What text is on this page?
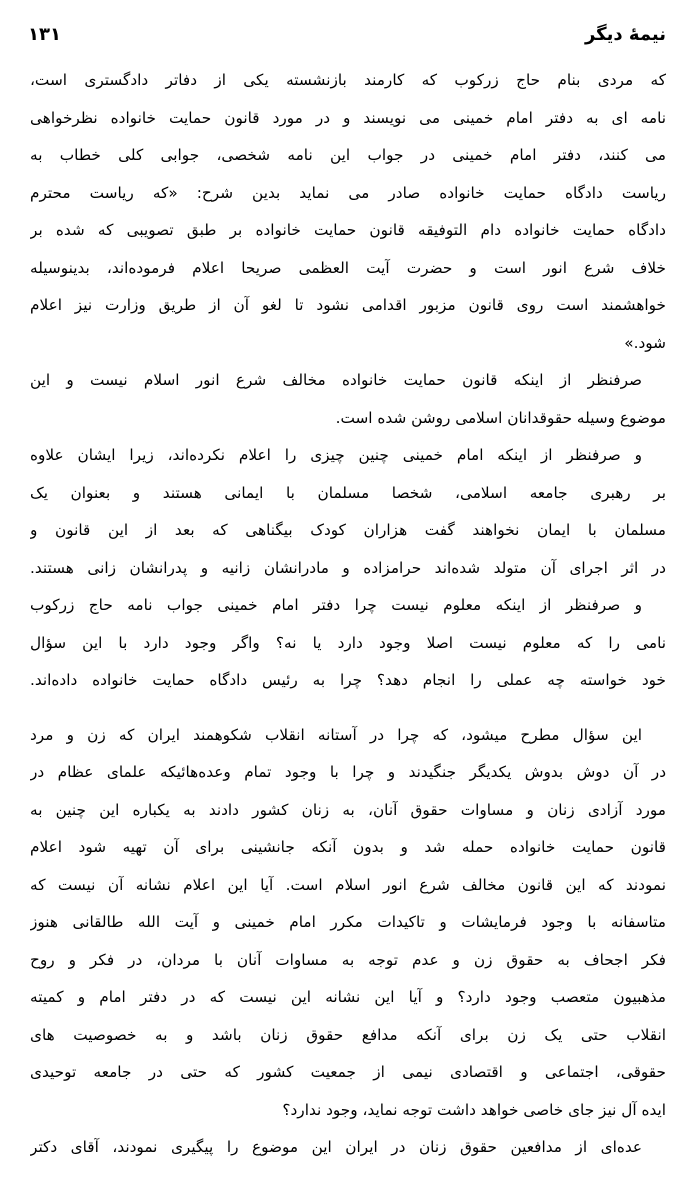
نیمهٔ دیگر
۱۳۱
که مردی بنام حاج زرکوب که کارمند بازنشسته یکی از دفاتر دادگستری است،
نامه ای به دفتر امام خمینی می نویسند و در مورد قانون حمایت خانواده نظرخواهی
می کنند، دفتر امام خمینی در جواب این نامه شخصی، جوابی کلی خطاب به
ریاست دادگاه حمایت خانواده صادر می نماید بدین شرح: «که ریاست محترم
دادگاه حمایت خانواده دام التوفیقه قانون حمایت خانواده بر طبق تصویبی که شده بر
خلاف شرع انور است و حضرت آیت العظمی صریحا اعلام فرموده‌اند، بدینوسیله
خواهشمند است روی قانون مزبور اقدامی نشود تا لغو آن از طریق وزارت نیز اعلام
شود.»
صرفنظر از اینکه قانون حمایت خانواده مخالف شرع انور اسلام نیست و این
موضوع وسیله حقوقدانان اسلامی روشن شده است.
و صرفنظر از اینکه امام خمینی چنین چیزی را اعلام نکرده‌اند، زیرا ایشان علاوه
بر رهبری جامعه اسلامی، شخصا مسلمان با ایمانی هستند و بعنوان یک
مسلمان با ایمان نخواهند گفت هزاران کودک بیگناهی که بعد از این قانون و
در اثر اجرای آن متولد شده‌اند حرامزاده و مادرانشان زانیه و پدرانشان زانی هستند.
و صرفنظر از اینکه معلوم نیست چرا دفتر امام خمینی جواب نامه حاج زرکوب
نامی را که معلوم نیست اصلا وجود دارد یا نه؟ واگر وجود دارد با این سؤال
خود خواسته چه عملی را انجام دهد؟ چرا به رئیس دادگاه حمایت خانواده داده‌اند.
این سؤال مطرح میشود، که چرا در آستانه انقلاب شکوهمند ایران که زن و مرد
در آن دوش بدوش یکدیگر جنگیدند و چرا با وجود تمام وعده‌هائیکه علمای عظام در
مورد آزادی زنان و مساوات حقوق آنان، به زنان کشور دادند به یکباره این چنین به
قانون حمایت خانواده حمله شد و بدون آنکه جانشینی برای آن تهیه شود اعلام
نمودند که این قانون مخالف شرع انور اسلام است. آیا این اعلام نشانه آن نیست که
متاسفانه با وجود فرمایشات و تاکیدات مکرر امام خمینی و آیت الله طالقانی هنوز
فکر اجحاف به حقوق زن و عدم توجه به مساوات آنان با مردان، در فکر و روح
مذهبیون متعصب وجود دارد؟ و آیا این نشانه این نیست که در دفتر امام و کمیته
انقلاب حتی یک زن برای آنکه مدافع حقوق زنان باشد و به خصوصیت های
حقوقی، اجتماعی و اقتصادی نیمی از جمعیت کشور که حتی در جامعه توحیدی
ایده آل نیز جای خاصی خواهد داشت توجه نماید، وجود ندارد؟
عده‌ای از مدافعین حقوق زنان در ایران این موضوع را پیگیری نمودند، آقای دکتر
